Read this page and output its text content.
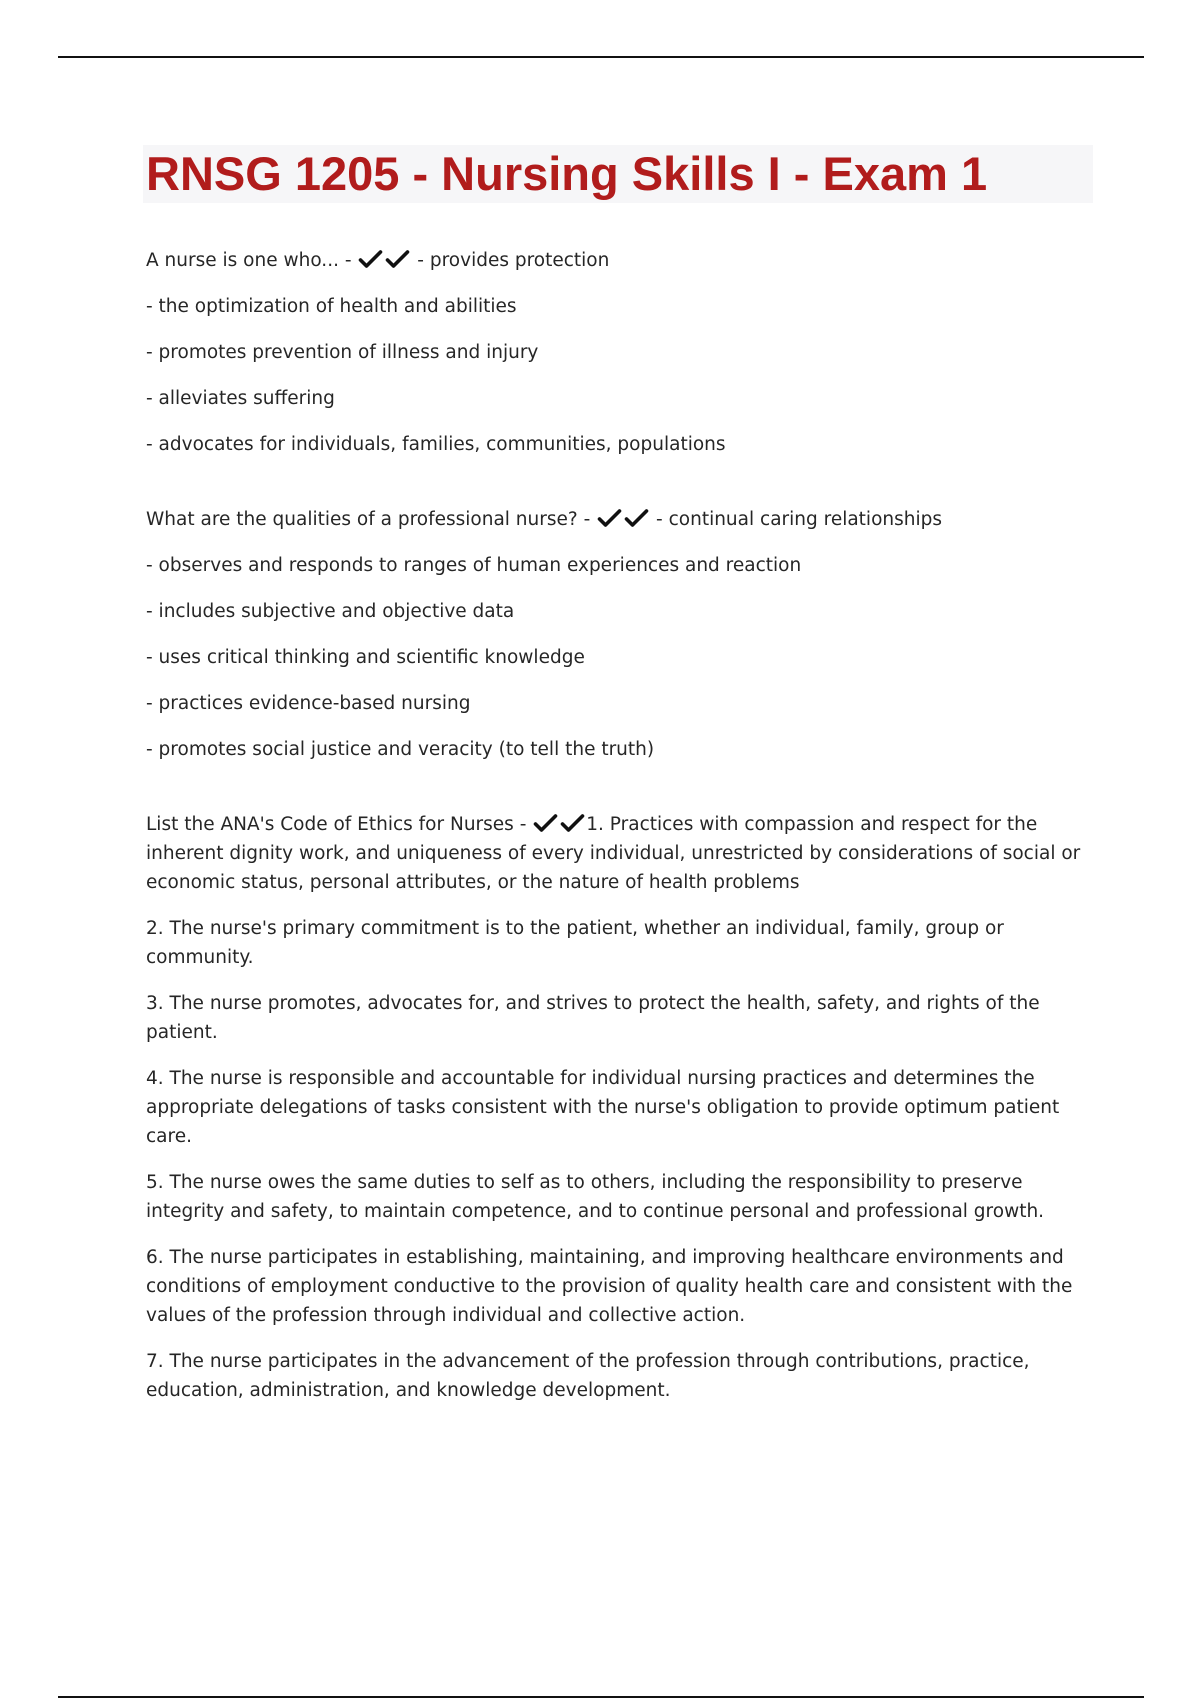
RNSG 1205 - Nursing Skills I - Exam 1

A nurse is one who... -	- provides protection

- the optimization of health and abilities

- promotes prevention of illness and injury

- alleviates suffering

- advocates for individuals, families, communities, populations

What are the qualities of a professional nurse? -	- continual caring relationships

- observes and responds to ranges of human experiences and reaction

- includes subjective and objective data

- uses critical thinking and scientific knowledge

- practices evidence-based nursing

- promotes social justice and veracity (to tell the truth)

List the ANA's Code of Ethics for Nurses -	1. Practices with compassion and respect for the inherent dignity work, and uniqueness of every individual, unrestricted by considerations of social or economic status, personal attributes, or the nature of health problems

2. The nurse's primary commitment is to the patient, whether an individual, family, group or community.

3. The nurse promotes, advocates for, and strives to protect the health, safety, and rights of the patient.

4. The nurse is responsible and accountable for individual nursing practices and determines the appropriate delegations of tasks consistent with the nurse's obligation to provide optimum patient care.

5. The nurse owes the same duties to self as to others, including the responsibility to preserve integrity and safety, to maintain competence, and to continue personal and professional growth.

6. The nurse participates in establishing, maintaining, and improving healthcare environments and conditions of employment conductive to the provision of quality health care and consistent with the values of the profession through individual and collective action.

7. The nurse participates in the advancement of the profession through contributions, practice, education, administration, and knowledge development.
